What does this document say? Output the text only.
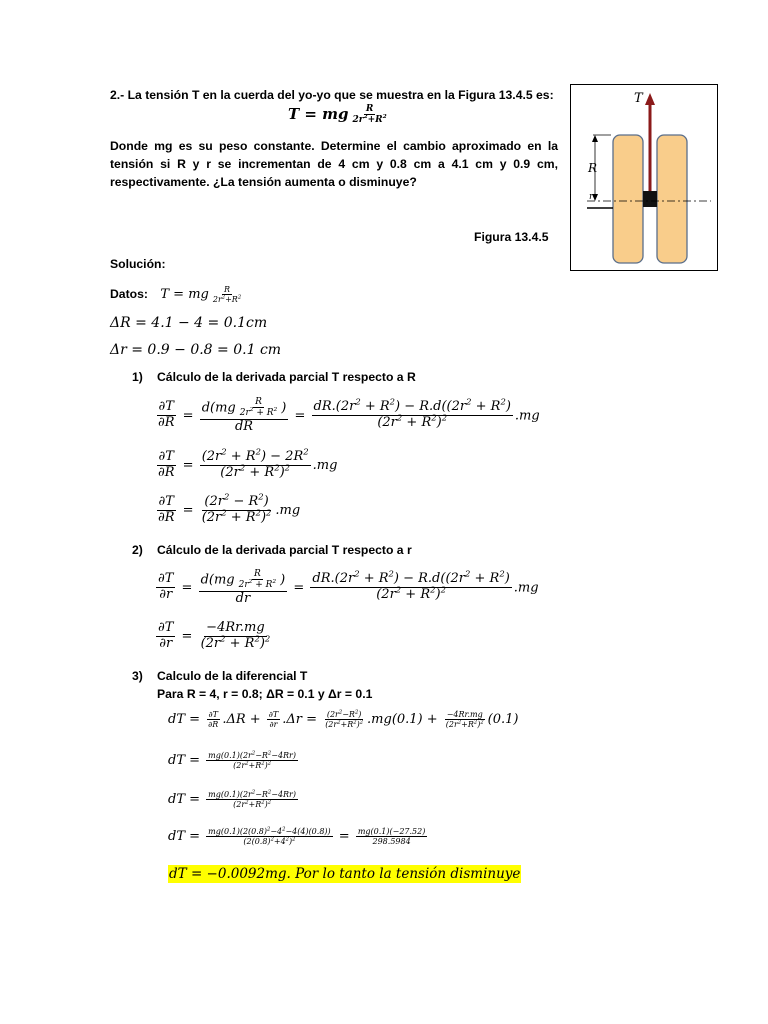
2.- La tensión T en la cuerda del yo-yo que se muestra en la Figura 13.4.5 es:
T = mg $\frac{R}{2r^2+R^2}$
Donde mg es su peso constante. Determine el cambio aproximado en la tensión si R y r se incrementan de 4 cm y 0.8 cm a 4.1 cm y 0.9 cm, respectivamente. ¿La tensión aumenta o disminuye?
Figura 13.4.5
T
R
r
Solución:
Datos: T = mg $\frac{R}{2r^2+R^2}$
ΔR = 4.1 − 4 = 0.1cm
Δr = 0.9 − 0.8 = 0.1 cm
1) Cálculo de la derivada parcial T respecto a R
$\frac{\partial T}{\partial R} = \frac{d(mg \frac{R}{2r^2 + R^2} )}{dR} = \frac{dR.(2r^2 + R^2) - R.d((2r^2 + R^2)}{(2r^2 + R^2)^2} .mg$
$\frac{\partial T}{\partial R} = \frac{(2r^2 + R^2) - 2R^2}{(2r^2 + R^2)^2} .mg$
$\frac{\partial T}{\partial R} = \frac{(2r^2 - R^2)}{(2r^2 + R^2)^2} .mg$
2) Cálculo de la derivada parcial T respecto a r
$\frac{\partial T}{\partial r} = \frac{d(mg \frac{R}{2r^2 + R^2} )}{dr} = \frac{dR.(2r^2 + R^2) - R.d((2r^2 + R^2)}{(2r^2 + R^2)^2} .mg$
$\frac{\partial T}{\partial r} = \frac{-4Rr.mg}{(2r^2 + R^2)^2}$
3) Calculo de la diferencial T
Para R = 4, r = 0.8; ΔR = 0.1 y Δr = 0.1
dT = $\frac{\partial T}{\partial R} .\Delta R + \frac{\partial T}{\partial r} .\Delta r = \frac{(2r^2-R^2)}{(2r^2+R^2)^2} .mg(0.1) + \frac{-4Rr.mg}{(2r^2+R^2)^2} (0.1)$
dT = $\frac{mg(0.1)(2r^2-R^2-4Rr)}{(2r^2+R^2)^2}$
dT = $\frac{mg(0.1)(2r^2-R^2-4Rr)}{(2r^2+R^2)^2}$
dT = $\frac{mg(0.1)(2(0.8)^2-4^2-4(4)(0.8))}{(2(0.8)^2+4^2)^2} = \frac{mg(0.1)(-27.52)}{298.5984}$
dT = −0.0092mg. Por lo tanto la tensión disminuye
